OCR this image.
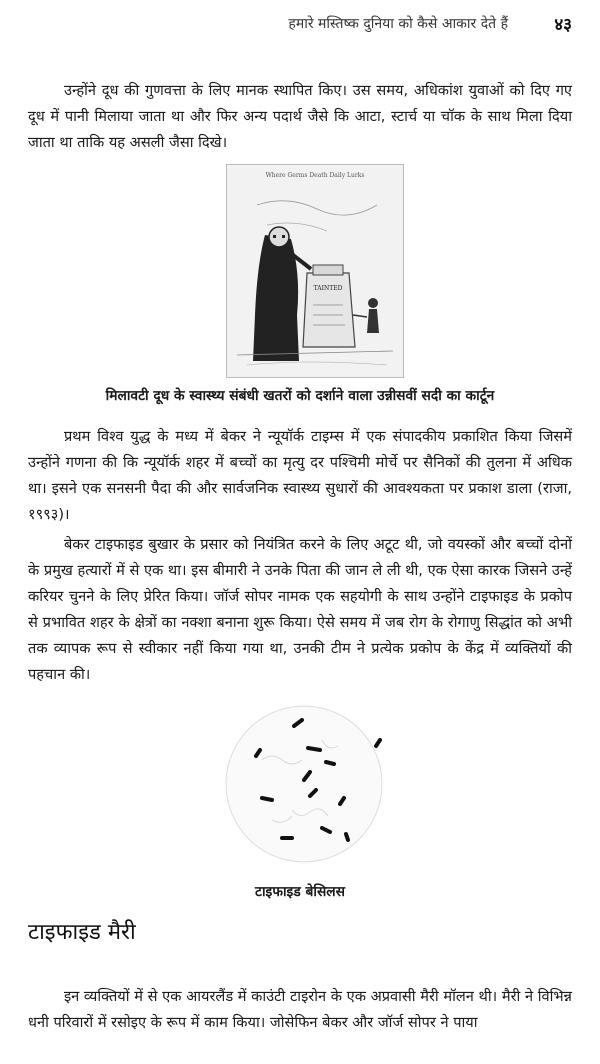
हमारे मस्तिष्क दुनिया को कैसे आकार देते हैं	४३

उन्होंने दूध की गुणवत्ता के लिए मानक स्थापित किए। उस समय, अधिकांश युवाओं को दिए गए दूध में पानी मिलाया जाता था और फिर अन्य पदार्थ जैसे कि आटा, स्टार्च या चॉक के साथ मिला दिया जाता था ताकि यह असली जैसा दिखे।

Where Germs Death Daily Lurks
TAINTED
मिलावटी दूध के स्वास्थ्य संबंधी खतरों को दर्शाने वाला उन्नीसवीं सदी का कार्टून

प्रथम विश्व युद्ध के मध्य में बेकर ने न्यूयॉर्क टाइम्स में एक संपादकीय प्रकाशित किया जिसमें उन्होंने गणना की कि न्यूयॉर्क शहर में बच्चों का मृत्यु दर पश्चिमी मोर्चे पर सैनिकों की तुलना में अधिक था। इसने एक सनसनी पैदा की और सार्वजनिक स्वास्थ्य सुधारों की आवश्यकता पर प्रकाश डाला (राजा, १९९३)।

बेकर टाइफाइड बुखार के प्रसार को नियंत्रित करने के लिए अटूट थी, जो वयस्कों और बच्चों दोनों के प्रमुख हत्यारों में से एक था। इस बीमारी ने उनके पिता की जान ले ली थी, एक ऐसा कारक जिसने उन्हें करियर चुनने के लिए प्रेरित किया। जॉर्ज सोपर नामक एक सहयोगी के साथ उन्होंने टाइफाइड के प्रकोप से प्रभावित शहर के क्षेत्रों का नक्शा बनाना शुरू किया। ऐसे समय में जब रोग के रोगाणु सिद्धांत को अभी तक व्यापक रूप से स्वीकार नहीं किया गया था, उनकी टीम ने प्रत्येक प्रकोप के केंद्र में व्यक्तियों की पहचान की।

टाइफाइड बेसिलस
टाइफाइड मैरी

इन व्यक्तियों में से एक आयरलैंड में काउंटी टाइरोन के एक अप्रवासी मैरी मॉलन थी। मैरी ने विभिन्न धनी परिवारों में रसोइए के रूप में काम किया। जोसेफिन बेकर और जॉर्ज सोपर ने पाया
